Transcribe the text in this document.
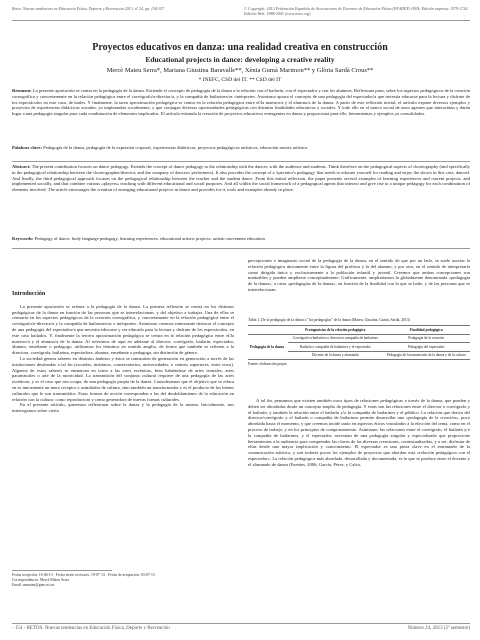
Retos. Nuevas tendencias en Educación Física, Deporte y Recreación 2013, nº 24, pp. 154-157	© Copyright: 2013 Federación Española de Asociaciones de Docentes de Educación Física (FEADEF) ISSN: Edición impresa: 1579-1726. Edición Web: 1988-2041 (www.retos.org)
Proyectos educativos en danza: una realidad creativa en construcción
Educational projects in dance: developing a creative reality
Mercè Mateu Serra*, Mariana Giustina Baravalle**, Xènia Gumà Marimon** y Glòria Sardà Crous**
* INEFC, CSD del IT. ** CSD del IT
Resumen: La presente aportación se centra en la pedagogía de la danza. Extiende el concepto de pedagogía de la danza a la relación con el bailarín, con el espectador y con los alumnos. Reflexiona pues, sobre los aspectos pedagógicos de la creación coreográfica y concretamente en la relación pedagógica entre el coreógrafo/a-director/a, y la compañía de bailarines/as -intérpretes. Asimismo aporta el concepto de una pedagogía del espectador/a que necesita educarse para la lectura y disfrute de los espectáculos en este caso, de bailes. Y finalmente, la tarea aproximación pedagógica se centra en la relación pedagógica entre el/la maestro/a y el alumno/a de la danza. A partir de este reflexión inicial, el artículo expone diversos ejemplos y proyectos de experiencias didácticas actuales, ya implantadas socialmente, y que conjugan diversas oportunidades pedagógicas con distintas finalidades educativas y sociales. Y todo ello en el marco social de unos agentes que interactúan y darán lugar a una pedagogía singular para cada combinación de elementos implicados. El artículo estimula la creación de proyectos educativos emergentes en danza y proporciona para ello, herramientas y ejemplos ya consolidados.
Palabras clave: Pedagogía de la danza, pedagogía de la expresión corporal, experiencias didácticas, proyectos pedagógicos artísticos, educación motriz artística
Abstract: The present contribution focuses on dance pedagogy. Extends the concept of dance pedagogy to the relationship with the dancer, with the audience and students. Think therefore on the pedagogical aspects of choreography (and specifically in the pedagogical relationship between the choreographer/director, and the company of dancers/ performers). It also provides the concept of a 'spectator's pedagogy' that needs to educate yourself for reading and enjoy the shows in this case, danced. And finally, the third pedagogical approach focuses on the pedagogical relationship between the teacher and the student dance. From this initial reflection, the paper presents several examples of learning experiences and current projects, and implemented socially, and that combine various «players» teaching with different educational and social purposes. And all within the social framework of a pedagogical agents that interact and give rise to a unique pedagogy for each combination of elements involved. The article encourages the creation of emerging educational projects in dance and provides for it, tools and examples already in place.
Keywords: Pedagogy of dance, body language pedagogy, learning experiences, educational artistic projects, artistic movement education
Introducción

La presente aportación se orienta a la pedagogía de la danza. La primera reflexión se centra en los distintos pedagógicas de la danza en función de las personas que se interrelacionan, y del objetivo a trabajar. Una de ellas se centraría en los aspectos pedagógicos de la creación coreográfica, y concretamente en la relación pedagógica entre el coreógrafo/a-director/a y la compañía de bailarines/as o intérpretes. Asimismo creemos interesante destacar el concepto de una pedagogía del espectador/a que necesita educarse y ser educado para la lectura y disfrute de los espectáculos, en este caso bailados. Y, finalmente la tercera aproximación pedagógica se centra en la relación pedagógica entre el/la maestro/a y el alumno/a de la danza. Al referirnos de aquí en adelante al director, coreógrafo, bailarín, espectador, alumno, enseñante o pedagogo, utilizamos los términos en sentido amplio, de forma que también se refieren a la directora, coreógrafa, bailarina, espectadora, alumna, enseñante o pedagoga, sin distinción de género.

La sociedad genera saberes en distintos ámbitos y éstos se transmiten de generación en generación a través de las instituciones destinadas a tal fin (escuelas, institutos, conservatorios, universidades, o centros superiores, entre otros). Algunos de estos saberes se enmarcan en torno a las artes escénicas, bien habiéndose de artes teatrales, artes parateatrales o arte de la motricidad. La transmisión del conjunto cultural requiere de una pedagogía de las artes escénicas, y es el caso que nos ocupa, de una pedagogía propia de la danza. Consideramos que el objetivo que se educa en es únicamente un mero receptor y asimilador de cultura, sino también un transformador y es el producto de los bienes culturales que le son transmitidos. Estas formas de acción corresponden a las del desdoblamiento de la educación en relación con la cultura: como reproductora y como generadora de nuevas formas culturales.

En el presente artículo, queremos reflexionar sobre la danza y la pedagogía de la misma. Inicialmente, nos interrogamos sobre cierta

Fecha recepción: 16-06-13 · Fecha envío revisores: 19-07-13 · Fecha de aceptación: 03-07-13
Correspondencia: Mercè Mateu Serra
Email: mmateu@gencat.cat

percepciones e imaginario social de la pedagogía de la danza, en el sentido de que por un lado, se suele asociar la relación pedagógica únicamente entre la figura del profesor y la del alumno, y por otro, en el sentido de interpretarla como dirigida única y exclusivamente a la población infantil y juvenil. Creemos que ambas concepciones son matizables y pueden ampliarse conceptualmente. Gráficamente, ampliaríamos la globalmente denominada «pedagogía de la danza», a otras «pedagogías de la danza», en función de la finalidad con la que se baile, y de las personas que se interrelacionan.

Tabla 1. De la pedagogía de la danza a "las pedagogías" de la danza (Mateu, Giustina, Gumà, Sardà, 2013)
	Protagonistas de la relación pedagógica	Finalidad pedagógica
Pedagogía de la danza	Coreógrafo/a-bailarín/a o director/a compañía de bailarines	Pedagogía de la creación
	Bailarín o compañía de bailarines y el espectador	Pedagogía del espectador
	Docente de la danza y alumnado	Pedagogía de la transmisión de la danza y de la cultura
Fuente: elaboración propia

A tal fin, pensamos que existen también otros tipos de relaciones pedagógicas a través de la danza, que pueden y deben ser abordadas desde un concepto amplio de pedagogía. Y estas son las relaciones entre el director o coreógrafo y el bailarín, y también la relación entre el bailarín y/o la compañía de bailarines y el público. La relación que deriva del director/coreógrafo y el bailarín o compañía de bailarines permite desarrollar una «pedagogía de la creación», poco abordada hasta el momento, y que creemos incide tanto en aspectos éticos vinculados a la elección del tema, como en el proceso de trabajo, y en los principios de comportamiento. Asimismo, las relaciones entre el coreógrafo, el bailarín y/o la compañía de bailarines, y el espectador, necesitan de una pedagogía singular y especializada que proporcione herramientas a la audiencia para comprender las claves de las diversas creaciones, contextualizarlas, y a ser, disfrutar de ellas desde una mayor implicación y conocimiento. El espectador es una pieza clave en el entramado de la comunicación artística, y son todavía pocos los ejemplos de proyectos que abordan esta «relación pedagógica con el espectador». La relación pedagógica más abordada, desarrollada y documentada, es la que se produce entre el docente y el alumnado de danza (Fuentes, 2006; García, Pérez, y Calvo,

- 154 - RETOS. Nuevas tendencias en Educación Física, Deporte y Recreación	Número 24, 2013 (2º semestre)
